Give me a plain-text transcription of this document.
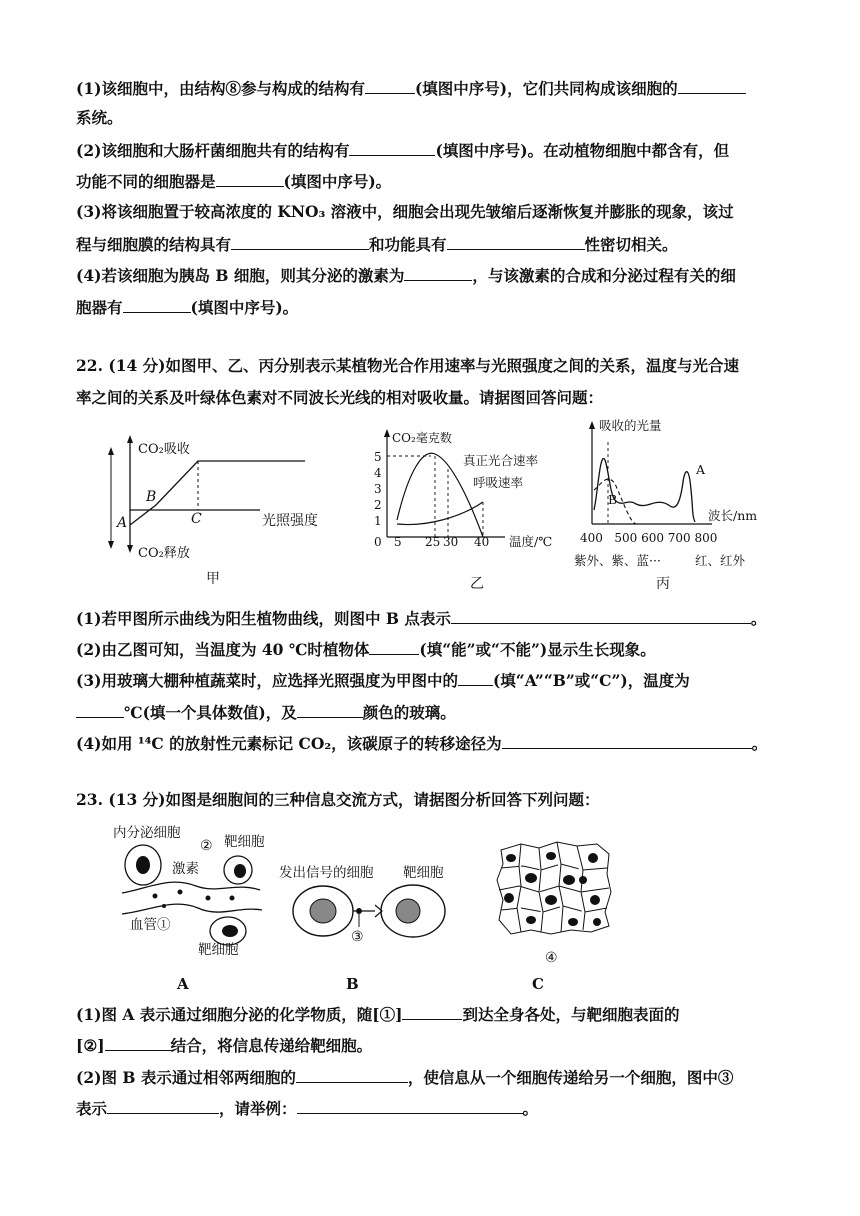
(1)该细胞中，由结构⑧参与构成的结构有	(填图中序号)，它们共同构成该细胞的
系统。
(2)该细胞和大肠杆菌细胞共有的结构有	(填图中序号)。在动植物细胞中都含有，但
功能不同的细胞器是	(填图中序号)。
(3)将该细胞置于较高浓度的 KNO₃ 溶液中，细胞会出现先皱缩后逐渐恢复并膨胀的现象，该过
程与细胞膜的结构具有	和功能具有	性密切相关。
(4)若该细胞为胰岛 B 细胞，则其分泌的激素为	，与该激素的合成和分泌过程有关的细
胞器有	(填图中序号)。
22. (14 分)如图甲、乙、丙分别表示某植物光合作用速率与光照强度之间的关系，温度与光合速
率之间的关系及叶绿体色素对不同波长光线的相对吸收量。请据图回答问题：
CO₂吸收
CO₂释放
光照强度
A
B
C
甲
CO₂毫克数
5
4
3
2
1
0 5 25 30 40
真正光合速率
呼吸速率
温度/℃
乙
吸收的光量
A
B
波长/nm
400   500 600 700 800
紫外、紫、蓝···	红、红外
丙
(1)若甲图所示曲线为阳生植物曲线，则图中 B 点表示	。
(2)由乙图可知，当温度为 40 ℃时植物体	(填“能”或“不能”)显示生长现象。
(3)用玻璃大棚种植蔬菜时，应选择光照强度为甲图中的 (填“A”“B”或“C”)，温度为
℃(填一个具体数值)，及	颜色的玻璃。
(4)如用 ¹⁴C 的放射性元素标记 CO₂，该碳原子的转移途径为	。
23. (13 分)如图是细胞间的三种信息交流方式，请据图分析回答下列问题：
内分泌细胞
② 靶细胞
激素
血管①
靶细胞
发出信号的细胞 靶细胞
③
④
A	B	C
(1)图 A 表示通过细胞分泌的化学物质，随[①]	到达全身各处，与靶细胞表面的
[②]	结合，将信息传递给靶细胞。
(2)图 B 表示通过相邻两细胞的	，使信息从一个细胞传递给另一个细胞，图中③
表示	，请举例：	。
